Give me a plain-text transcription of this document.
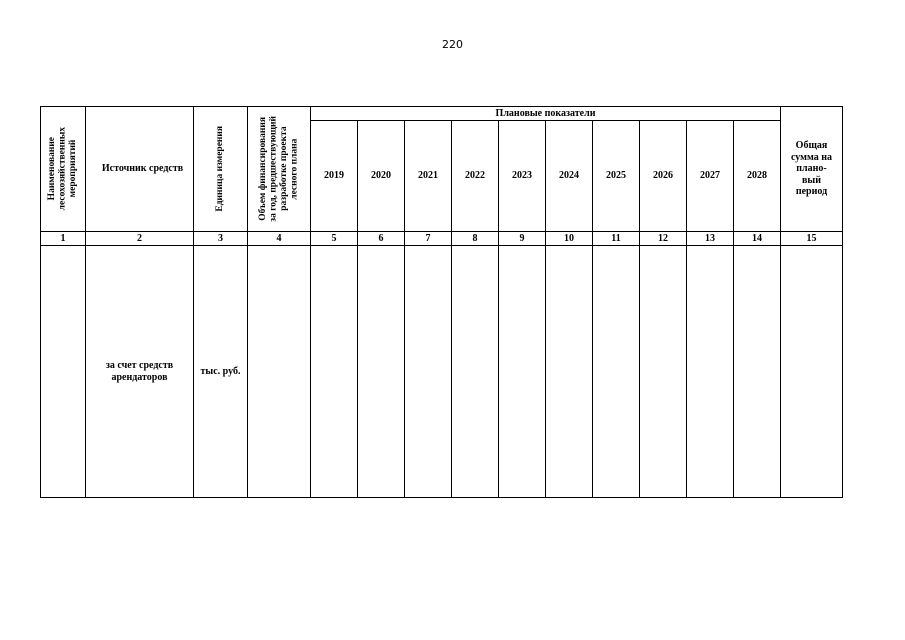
220
Наименование
лесохозяйственных
мероприятий	Источник средств	Единица измерения	Объем финансирования
за год, предшествующий
разработке проекта
лесного плана	Плановые показатели										Общая
сумма на
плано-
вый
период
				2019	2020	2021	2022	2023	2024	2025	2026	2027	2028	
1	2	3	4	5	6	7	8	9	10	11	12	13	14	15
	за счет средств
арендаторов	тыс. руб.												
